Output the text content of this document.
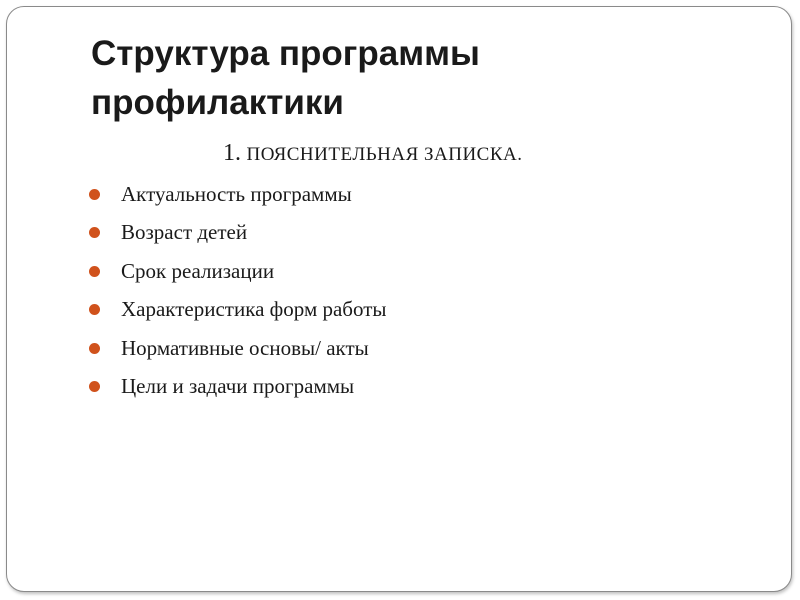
Структура программы
профилактики
1. ПОЯСНИТЕЛЬНАЯ ЗАПИСКА.
Актуальность программы
Возраст детей
Срок реализации
Характеристика форм работы
Нормативные основы/ акты
Цели и задачи программы
